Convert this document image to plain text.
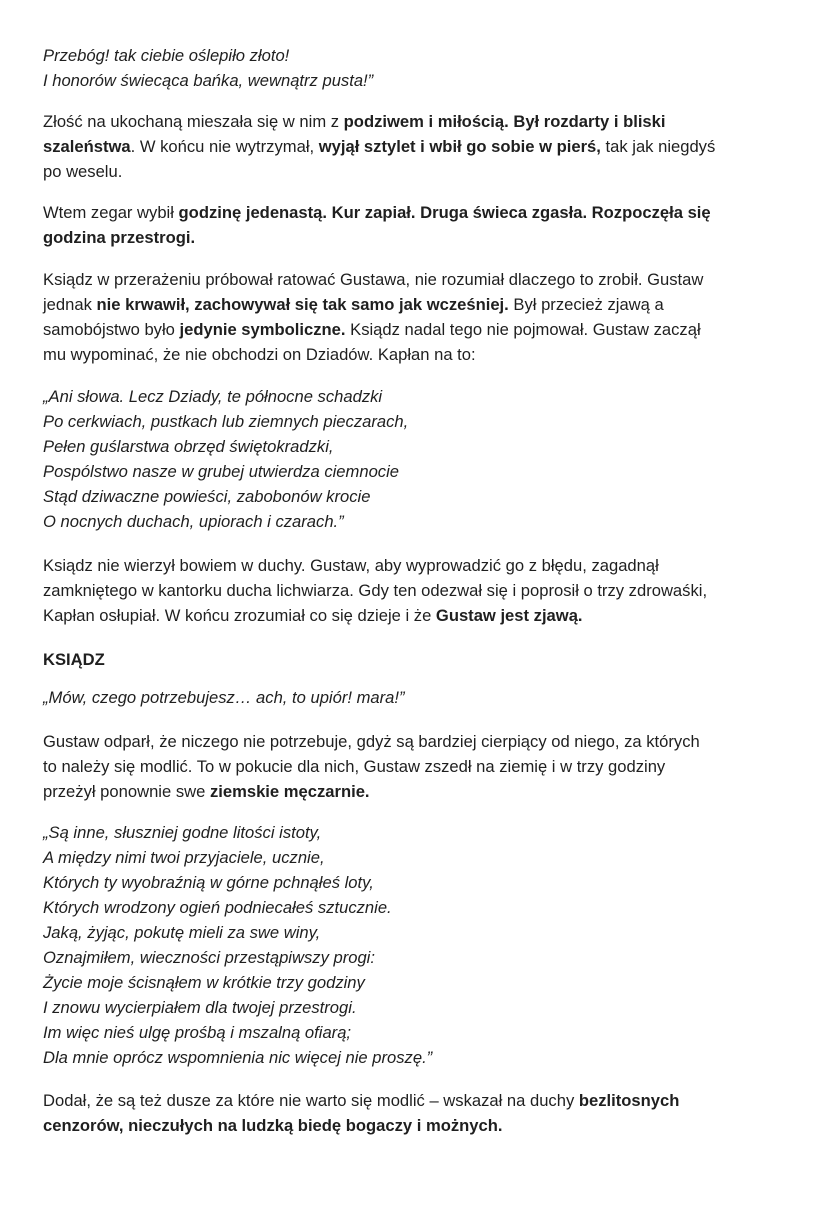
Przebóg! tak ciebie oślepiło złoto!
I honorów świecąca bańka, wewnątrz pusta!”
Złość na ukochaną mieszała się w nim z podziwem i miłością. Był rozdarty i bliski
szaleństwa. W końcu nie wytrzymał, wyjął sztylet i wbił go sobie w pierś, tak jak niegdyś
po weselu.
Wtem zegar wybił godzinę jedenastą. Kur zapiał. Druga świeca zgasła. Rozpoczęła się
godzina przestrogi.
Ksiądz w przerażeniu próbował ratować Gustawa, nie rozumiał dlaczego to zrobił. Gustaw
jednak nie krwawił, zachowywał się tak samo jak wcześniej. Był przecież zjawą a
samobójstwo było jedynie symboliczne. Ksiądz nadal tego nie pojmował. Gustaw zaczął
mu wypominać, że nie obchodzi on Dziadów. Kapłan na to:
„Ani słowa. Lecz Dziady, te północne schadzki
Po cerkwiach, pustkach lub ziemnych pieczarach,
Pełen guślarstwa obrzęd świętokradzki,
Pospólstwo nasze w grubej utwierdza ciemnocie
Stąd dziwaczne powieści, zabobonów krocie
O nocnych duchach, upiorach i czarach.”
Ksiądz nie wierzył bowiem w duchy. Gustaw, aby wyprowadzić go z błędu, zagadnął
zamkniętego w kantorku ducha lichwiarza. Gdy ten odezwał się i poprosił o trzy zdrowaśki,
Kapłan osłupiał. W końcu zrozumiał co się dzieje i że Gustaw jest zjawą.
KSIĄDZ
„Mów, czego potrzebujesz… ach, to upiór! mara!”
Gustaw odparł, że niczego nie potrzebuje, gdyż są bardziej cierpiący od niego, za których
to należy się modlić. To w pokucie dla nich, Gustaw zszedł na ziemię i w trzy godziny
przeżył ponownie swe ziemskie męczarnie.
„Są inne, słuszniej godne litości istoty,
A między nimi twoi przyjaciele, ucznie,
Których ty wyobraźnią w górne pchnąłeś loty,
Których wrodzony ogień podniecałeś sztucznie.
Jaką, żyjąc, pokutę mieli za swe winy,
Oznajmiłem, wieczności przestąpiwszy progi:
Życie moje ścisnąłem w krótkie trzy godziny
I znowu wycierpiałem dla twojej przestrogi.
Im więc nieś ulgę prośbą i mszalną ofiarą;
Dla mnie oprócz wspomnienia nic więcej nie proszę.”
Dodał, że są też dusze za które nie warto się modlić – wskazał na duchy bezlitosnych
cenzorów, nieczułych na ludzką biedę bogaczy i możnych.
